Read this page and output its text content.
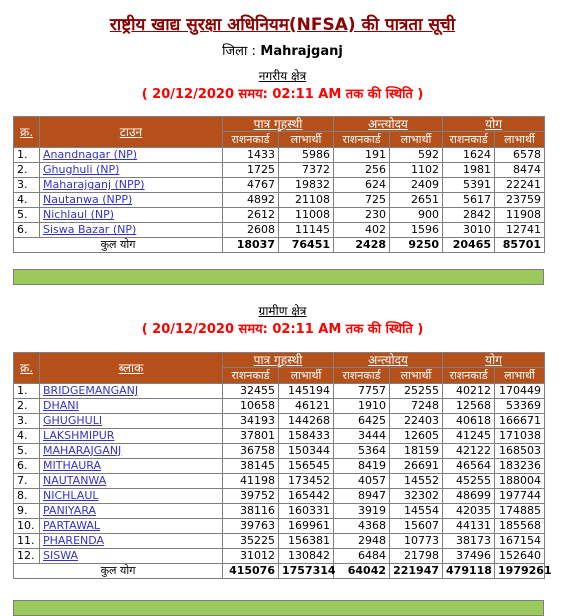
राष्ट्रीय खाद्य सुरक्षा अधिनियम(NFSA) की पात्रता सूची
जिला : Mahrajganj
नगरीय क्षेत्र
( 20/12/2020 समय: 02:11 AM तक की स्थिति )
क्र.	टाउन	पात्र गृहस्थी		अन्त्योदय		योग	
		राशनकार्ड	लाभार्थी	राशनकार्ड	लाभार्थी	राशनकार्ड	लाभार्थी
1.	Anandnagar (NP)	1433	5986	191	592	1624	6578
2.	Ghughuli (NP)	1725	7372	256	1102	1981	8474
3.	Maharajganj (NPP)	4767	19832	624	2409	5391	22241
4.	Nautanwa (NPP)	4892	21108	725	2651	5617	23759
5.	Nichlaul (NP)	2612	11008	230	900	2842	11908
6.	Siswa Bazar (NP)	2608	11145	402	1596	3010	12741
कुल योग		18037	76451	2428	9250	20465	85701
ग्रामीण क्षेत्र
( 20/12/2020 समय: 02:11 AM तक की स्थिति )
क्र.	ब्लाक	पात्र गृहस्थी		अन्त्योदय		योग	
		राशनकार्ड	लाभार्थी	राशनकार्ड	लाभार्थी	राशनकार्ड	लाभार्थी
1.	BRIDGEMANGANJ	32455	145194	7757	25255	40212	170449
2.	DHANI	10658	46121	1910	7248	12568	53369
3.	GHUGHULI	34193	144268	6425	22403	40618	166671
4.	LAKSHMIPUR	37801	158433	3444	12605	41245	171038
5.	MAHARAJGANJ	36758	150344	5364	18159	42122	168503
6.	MITHAURA	38145	156545	8419	26691	46564	183236
7.	NAUTANWA	41198	173452	4057	14552	45255	188004
8.	NICHLAUL	39752	165442	8947	32302	48699	197744
9.	PANIYARA	38116	160331	3919	14554	42035	174885
10.	PARTAWAL	39763	169961	4368	15607	44131	185568
11.	PHARENDA	35225	156381	2948	10773	38173	167154
12.	SISWA	31012	130842	6484	21798	37496	152640
कुल योग		415076	1757314	64042	221947	479118	1979261
